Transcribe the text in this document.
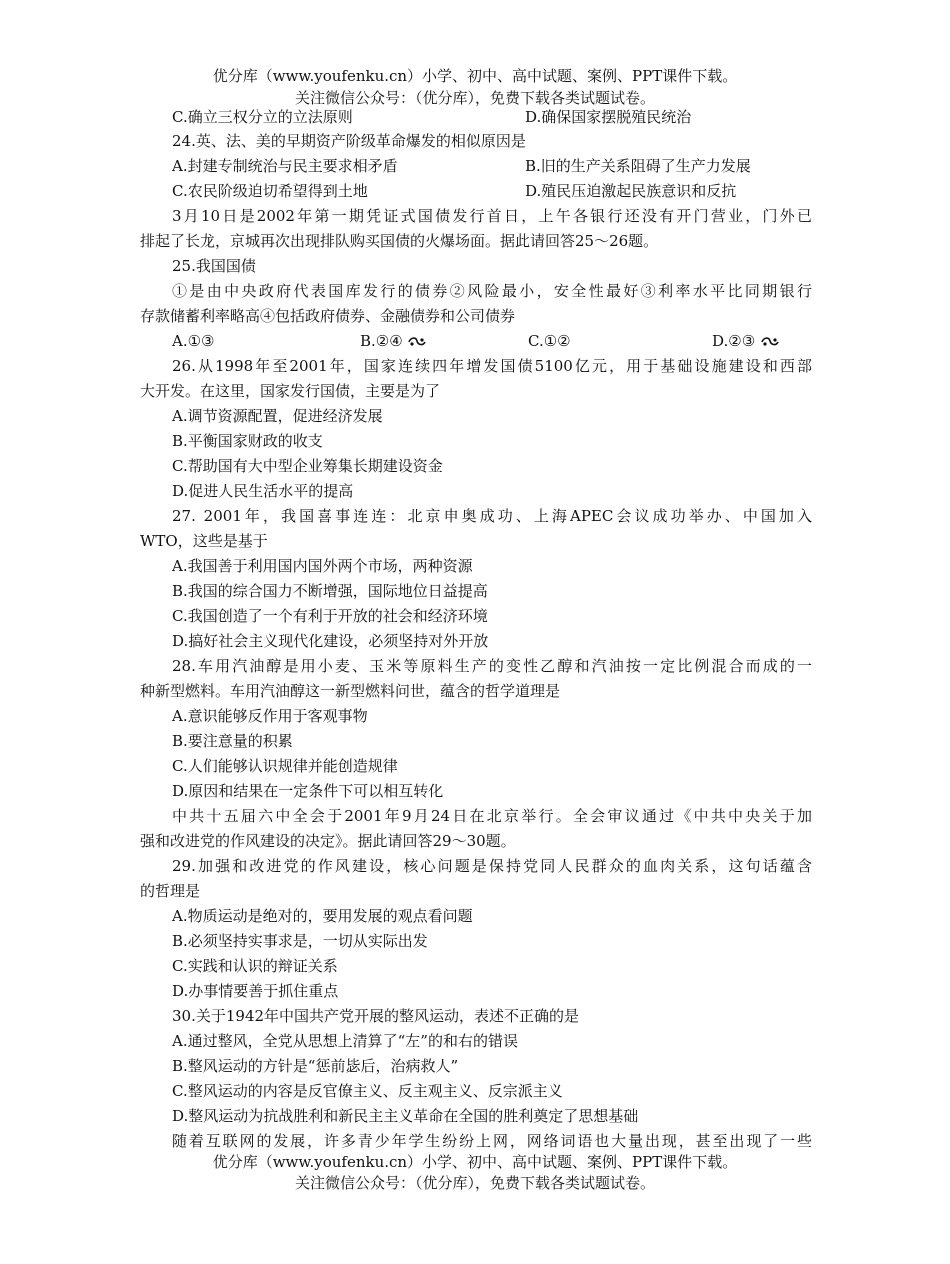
优分库（www.youfenku.cn）小学、初中、高中试题、案例、PPT课件下载。
关注微信公众号：（优分库），免费下载各类试题试卷。
C.确立三权分立的立法原则	D.确保国家摆脱殖民统治
24.英、法、美的早期资产阶级革命爆发的相似原因是
A.封建专制统治与民主要求相矛盾	B.旧的生产关系阻碍了生产力发展
C.农民阶级迫切希望得到土地	D.殖民压迫激起民族意识和反抗
3月10日是2002年第一期凭证式国债发行首日，上午各银行还没有开门营业，门外已
排起了长龙，京城再次出现排队购买国债的火爆场面。据此请回答25～26题。
25.我国国债
①是由中央政府代表国库发行的债券②风险最小，安全性最好③利率水平比同期银行
存款储蓄利率略高④包括政府债券、金融债券和公司债券
A.①③	B.②④	C.①②	D.②③
26.从1998年至2001年，国家连续四年增发国债5100亿元，用于基础设施建设和西部
大开发。在这里，国家发行国债，主要是为了
A.调节资源配置，促进经济发展
B.平衡国家财政的收支
C.帮助国有大中型企业筹集长期建设资金
D.促进人民生活水平的提高
27. 2001年，我国喜事连连：北京申奥成功、上海APEC会议成功举办、中国加入
WTO，这些是基于
A.我国善于利用国内国外两个市场，两种资源
B.我国的综合国力不断增强，国际地位日益提高
C.我国创造了一个有利于开放的社会和经济环境
D.搞好社会主义现代化建设，必须坚持对外开放
28.车用汽油醇是用小麦、玉米等原料生产的变性乙醇和汽油按一定比例混合而成的一
种新型燃料。车用汽油醇这一新型燃料问世，蕴含的哲学道理是
A.意识能够反作用于客观事物
B.要注意量的积累
C.人们能够认识规律并能创造规律
D.原因和结果在一定条件下可以相互转化
中共十五届六中全会于2001年9月24日在北京举行。全会审议通过《中共中央关于加
强和改进党的作风建设的决定》。据此请回答29～30题。
29.加强和改进党的作风建设，核心问题是保持党同人民群众的血肉关系，这句话蕴含
的哲理是
A.物质运动是绝对的，要用发展的观点看问题
B.必须坚持实事求是，一切从实际出发
C.实践和认识的辩证关系
D.办事情要善于抓住重点
30.关于1942年中国共产党开展的整风运动，表述不正确的是
A.通过整风，全党从思想上清算了“左”的和右的错误
B.整风运动的方针是“惩前毖后，治病救人”
C.整风运动的内容是反官僚主义、反主观主义、反宗派主义
D.整风运动为抗战胜利和新民主主义革命在全国的胜利奠定了思想基础
随着互联网的发展，许多青少年学生纷纷上网，网络词语也大量出现，甚至出现了一些
优分库（www.youfenku.cn）小学、初中、高中试题、案例、PPT课件下载。
关注微信公众号：（优分库），免费下载各类试题试卷。
